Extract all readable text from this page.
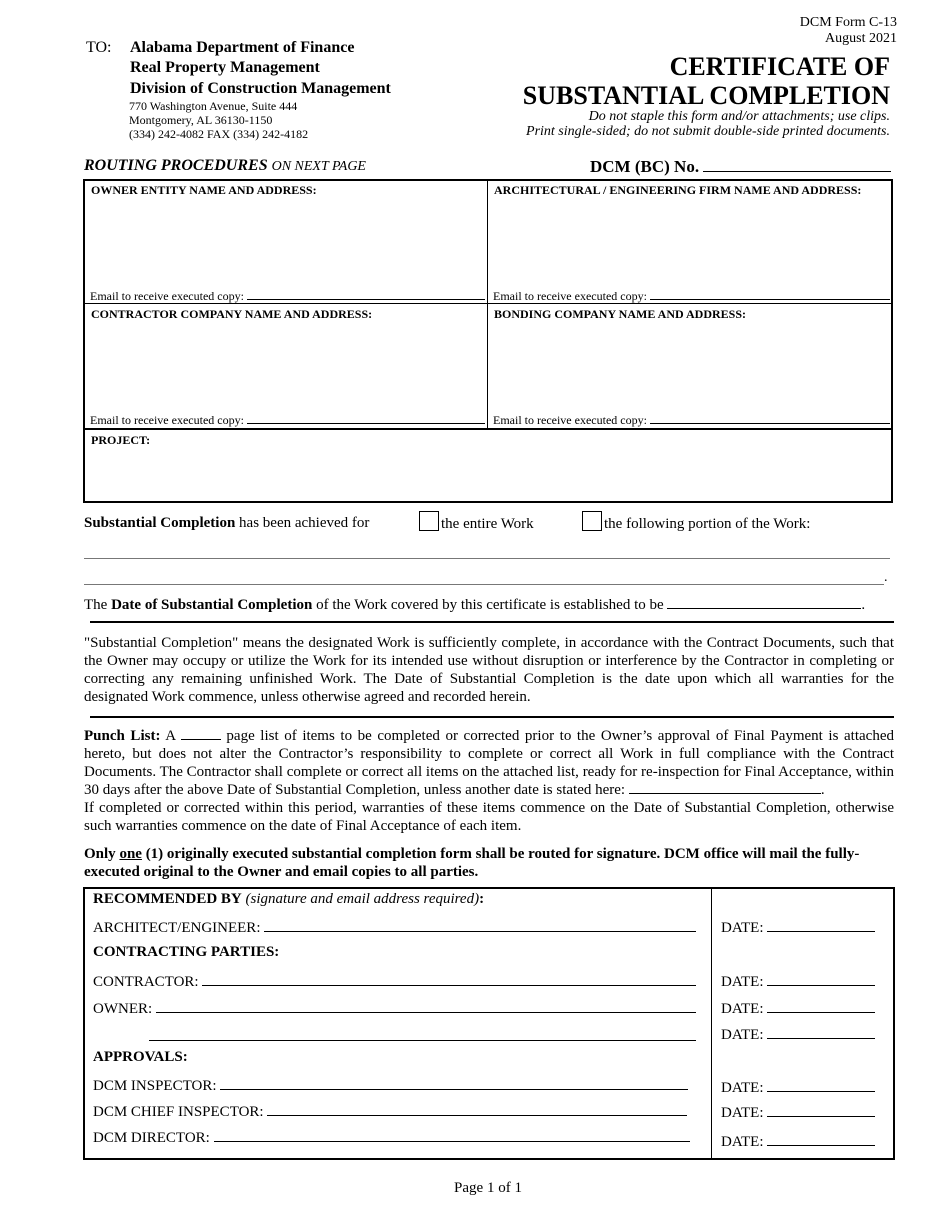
TO: Alabama Department of Finance
Real Property Management
Division of Construction Management
770 Washington Avenue, Suite 444
Montgomery, AL 36130-1150
(334) 242-4082 FAX (334) 242-4182
DCM Form C-13
August 2021
CERTIFICATE OF
SUBSTANTIAL COMPLETION
Do not staple this form and/or attachments; use clips.
Print single-sided; do not submit double-side printed documents.
ROUTING PROCEDURES ON NEXT PAGE	DCM (BC) No.
OWNER ENTITY NAME AND ADDRESS:	ARCHITECTURAL / ENGINEERING FIRM NAME AND ADDRESS:
Email to receive executed copy:	Email to receive executed copy:
CONTRACTOR COMPANY NAME AND ADDRESS:	BONDING COMPANY NAME AND ADDRESS:
Email to receive executed copy:	Email to receive executed copy:
PROJECT:
Substantial Completion has been achieved for	the entire Work	the following portion of the Work:
.
The Date of Substantial Completion of the Work covered by this certificate is established to be	.

"Substantial Completion" means the designated Work is sufficiently complete, in accordance with the Contract Documents, such that the Owner may occupy or utilize the Work for its intended use without disruption or interference by the Contractor in completing or correcting any remaining unfinished Work. The Date of Substantial Completion is the date upon which all warranties for the designated Work commence, unless otherwise agreed and recorded herein.

Punch List: A	page list of items to be completed or corrected prior to the Owner’s approval of Final Payment is attached hereto, but does not alter the Contractor’s responsibility to complete or correct all Work in full compliance with the Contract Documents. The Contractor shall complete or correct all items on the attached list, ready for re-inspection for Final Acceptance, within 30 days after the above Date of Substantial Completion, unless another date is stated here:	.

If completed or corrected within this period, warranties of these items commence on the Date of Substantial Completion, otherwise such warranties commence on the date of Final Acceptance of each item.

Only one (1) originally executed substantial completion form shall be routed for signature. DCM office will mail the fully-executed original to the Owner and email copies to all parties.

RECOMMENDED BY (signature and email address required):
ARCHITECT/ENGINEER:	DATE:
CONTRACTING PARTIES:
CONTRACTOR:	DATE:
OWNER:	DATE:
DATE:
APPROVALS:
DCM INSPECTOR:	DATE:
DCM CHIEF INSPECTOR:	DATE:
DCM DIRECTOR:	DATE:
Page 1 of 1
